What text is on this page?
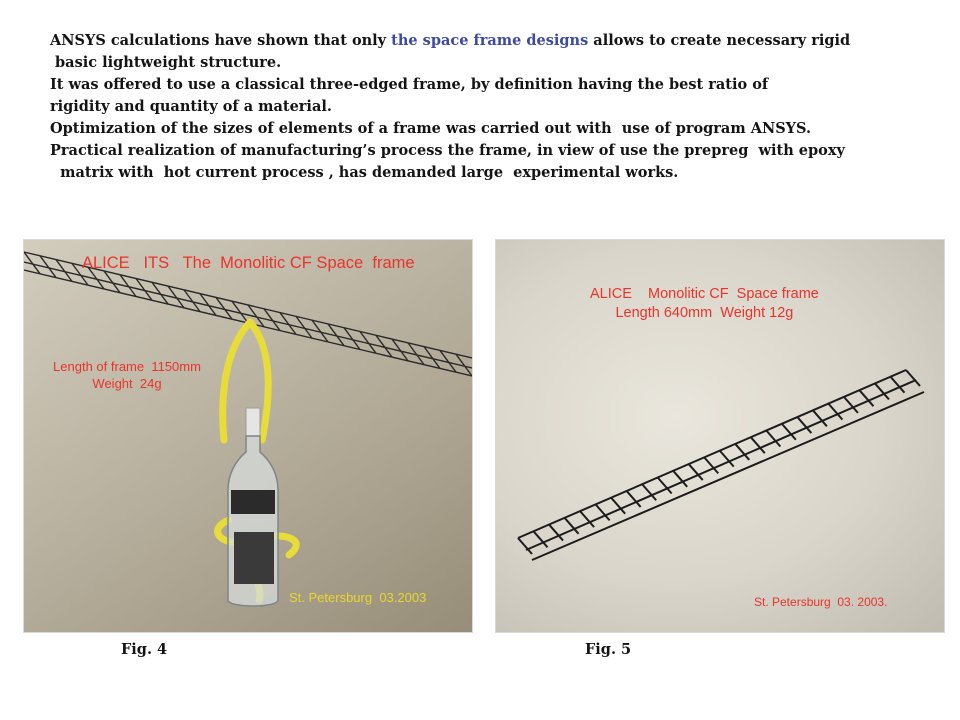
ANSYS calculations have shown that only the space frame designs allows to create necessary rigid
basic lightweight structure.
It was offered to use a classical three-edged frame, by definition having the best ratio of
rigidity and quantity of a material.
Optimization of the sizes of elements of a frame was carried out with  use of program ANSYS.
Practical realization of manufacturing’s process the frame, in view of use the prepreg  with epoxy
matrix with  hot current process , has demanded large  experimental works.

ALICE   ITS   The  Monolitic CF Space  frame

Length of frame  1150mm
Weight  24g

St. Petersburg  03.2003

ALICE    Monolitic CF  Space frame
Length 640mm  Weight 12g

St. Petersburg  03. 2003.

Fig. 4	Fig. 5
